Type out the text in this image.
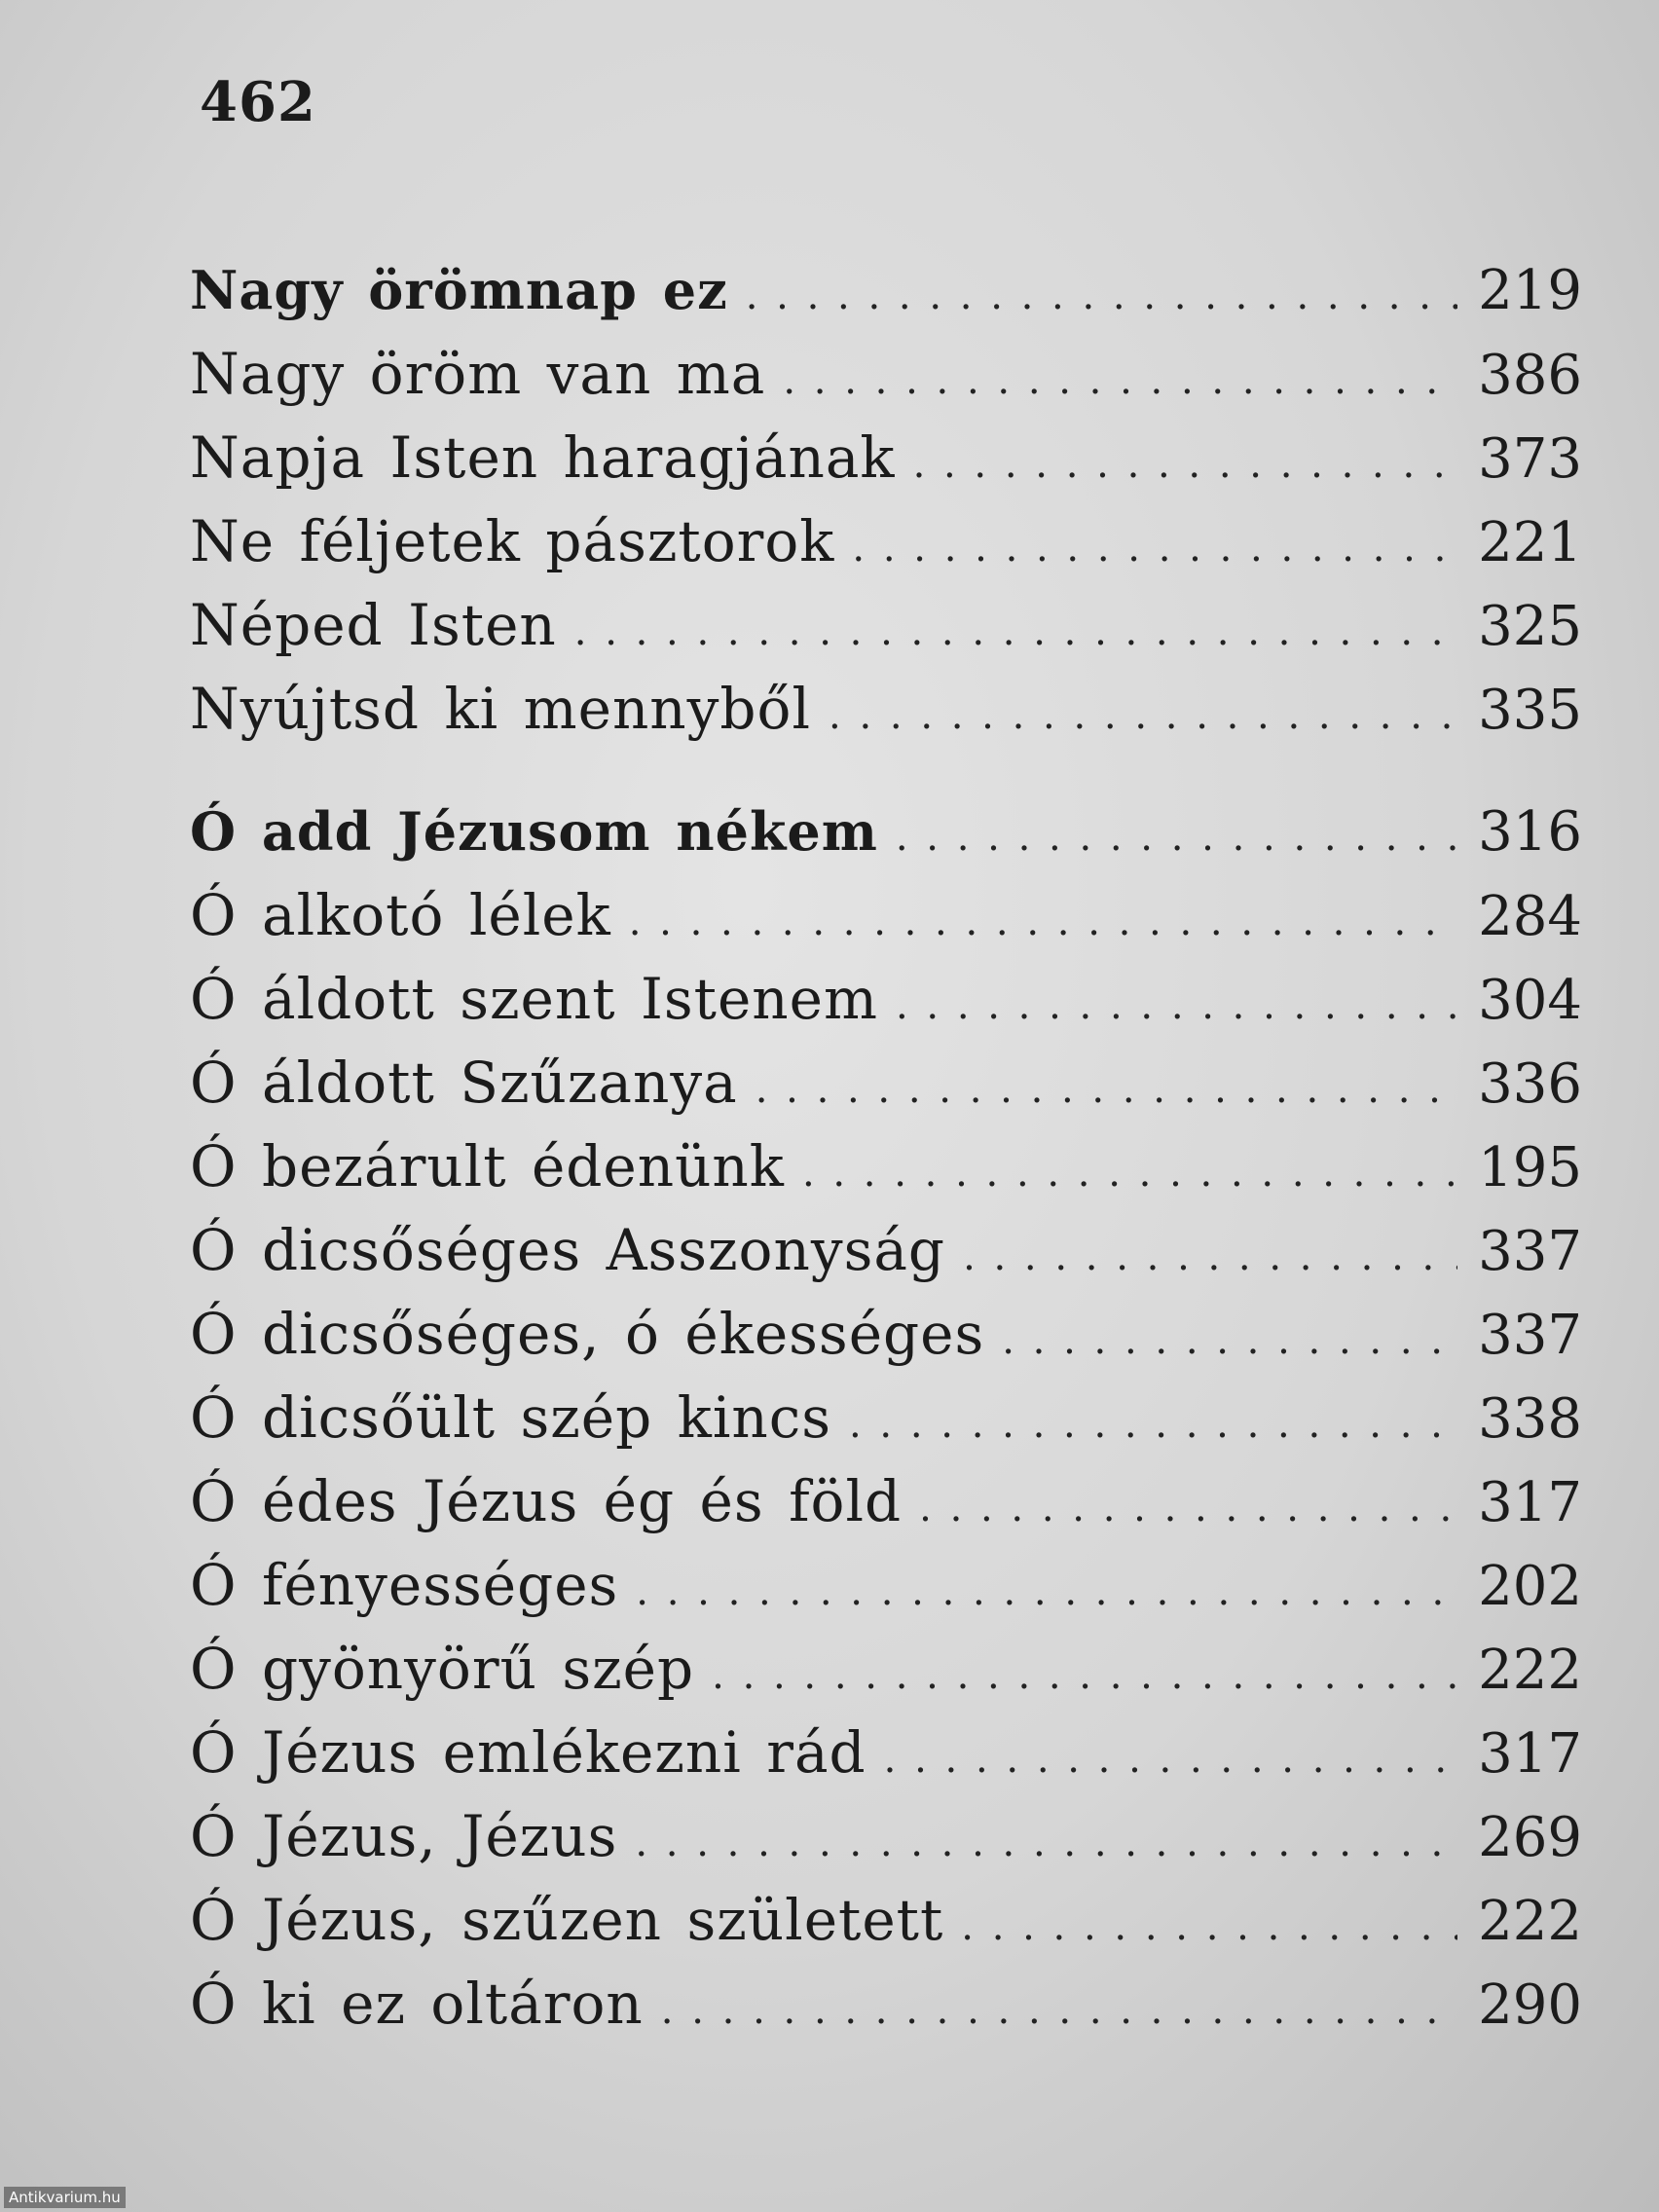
462
Nagy örömnap ez . . .	219
Nagy öröm van ma . . .	386
Napja Isten haragjának . . .	373
Ne féljetek pásztorok . . .	221
Néped Isten . . .	325
Nyújtsd ki mennyből . . .	335
Ó add Jézusom nékem . . .	316
Ó alkotó lélek . . .	284
Ó áldott szent Istenem . . .	304
Ó áldott Szűzanya . . .	336
Ó bezárult édenünk . . .	195
Ó dicsőséges Asszonyság . . .	337
Ó dicsőséges, ó ékességes . . .	337
Ó dicsőült szép kincs . . .	338
Ó édes Jézus ég és föld . . .	317
Ó fényességes . . .	202
Ó gyönyörű szép . . .	222
Ó Jézus emlékezni rád . . .	317
Ó Jézus, Jézus . . .	269
Ó Jézus, szűzen született . . .	222
Ó ki ez oltáron . . .	290
Antikvarium.hu
